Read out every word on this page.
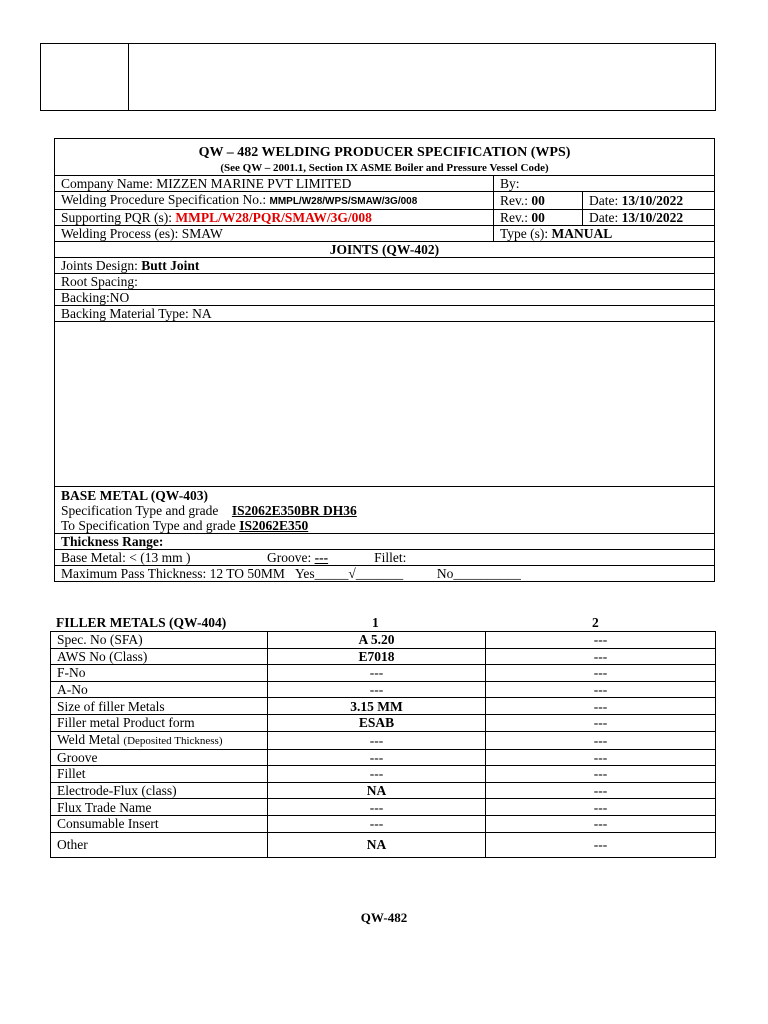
QW – 482 WELDING PRODUCER SPECIFICATION (WPS)		
(See QW – 2001.1, Section IX ASME Boiler and Pressure Vessel Code)		
Company Name: MIZZEN MARINE PVT LIMITED	By:	
Welding Procedure Specification No.: MMPL/W28/WPS/SMAW/3G/008	Rev.: 00	Date: 13/10/2022
Supporting PQR (s): MMPL/W28/PQR/SMAW/3G/008	Rev.: 00	Date: 13/10/2022
Welding Process (es): SMAW	Type (s): MANUAL	
JOINTS (QW-402)		
Joints Design: Butt Joint		
Root Spacing:		
Backing:NO		
Backing Material Type: NA		

BASE METAL (QW-403)
Specification Type and grade    IS2062E350BR DH36
To Specification Type and grade IS2062E350		

Thickness Range:		
Base Metal: < (13 mm ) Groove: --- Fillet:		
Maximum Pass Thickness: 12 TO 50MM Yes_____√_______ No__________		
FILLER METALS (QW-404)	1	2
Spec. No (SFA)	A 5.20	---
AWS No (Class)	E7018	---
F-No	---	---
A-No	---	---
Size of filler Metals	3.15 MM	---
Filler metal Product form	ESAB	---
Weld Metal (Deposited Thickness)	---	---
Groove	---	---
Fillet	---	---
Electrode-Flux (class)	NA	---
Flux Trade Name	---	---
Consumable Insert	---	---
Other	NA	---
QW-482
